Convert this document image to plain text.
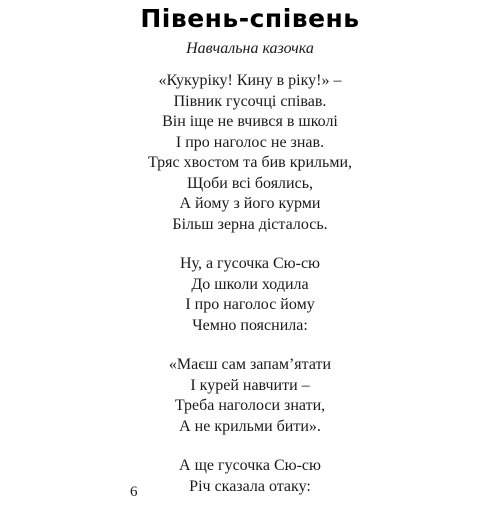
Півень-співень
Навчальна казочка
«Кукуріку! Кину в ріку!» –
Півник гусочці співав.
Він іще не вчився в школі
І про наголос не знав.
Тряс хвостом та бив крильми,
Щоби всі боялись,
А йому з його курми
Більш зерна дісталось.
Ну, а гусочка Сю-сю
До школи ходила
І про наголос йому
Чемно пояснила:
«Маєш сам запам’ятати
І курей навчити –
Треба наголоси знати,
А не крильми бити».
А ще гусочка Сю-сю
Річ сказала отаку:
6
